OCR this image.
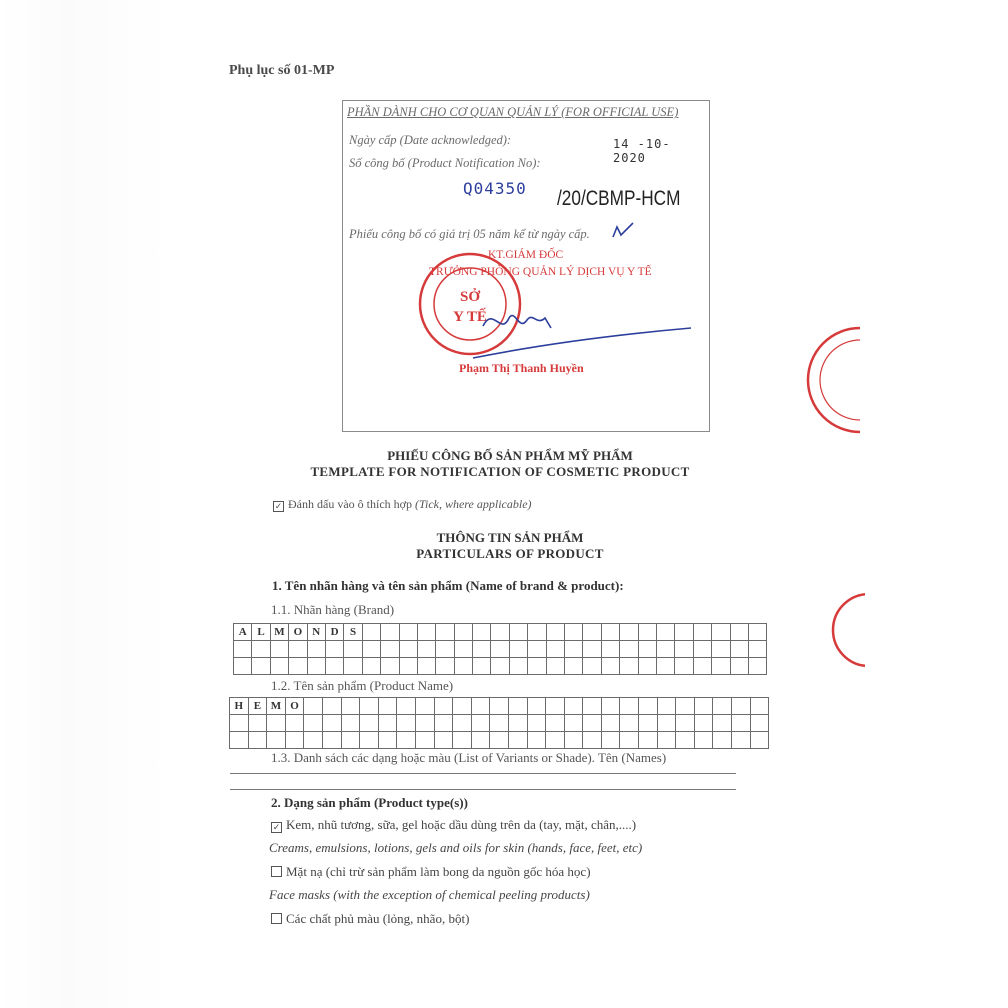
Phụ lục số 01-MP
PHẦN DÀNH CHO CƠ QUAN QUẢN LÝ (FOR OFFICIAL USE)
Ngày cấp (Date acknowledged):	14 -10- 2020
Số công bố (Product Notification No):
Q04350 /20/CBMP-HCM
Phiếu công bố có giá trị 05 năm kể từ ngày cấp.
SỞ
Y TẾ
KT.GIÁM ĐỐC
TRƯỞNG PHÒNG QUẢN LÝ DỊCH VỤ Y TẾ
Phạm Thị Thanh Huyền
PHIẾU CÔNG BỐ SẢN PHẨM MỸ PHẨM
TEMPLATE FOR NOTIFICATION OF COSMETIC PRODUCT
✓ Đánh dấu vào ô thích hợp (Tick, where applicable)
THÔNG TIN SẢN PHẨM
PARTICULARS OF PRODUCT
1. Tên nhãn hàng và tên sản phẩm (Name of brand & product):
1.1. Nhãn hàng (Brand)
A L M O N D	S
1.2. Tên sản phẩm (Product Name)
H E M O
1.3. Danh sách các dạng hoặc màu (List of Variants or Shade). Tên (Names)
2. Dạng sản phẩm (Product type(s))
✓ Kem, nhũ tương, sữa, gel hoặc dầu dùng trên da (tay, mặt, chân,....)
Creams, emulsions, lotions, gels and oils for skin (hands, face, feet, etc)
Mặt nạ (chỉ trừ sản phẩm làm bong da nguồn gốc hóa học)
Face masks (with the exception of chemical peeling products)
Các chất phủ màu (lỏng, nhão, bột)
